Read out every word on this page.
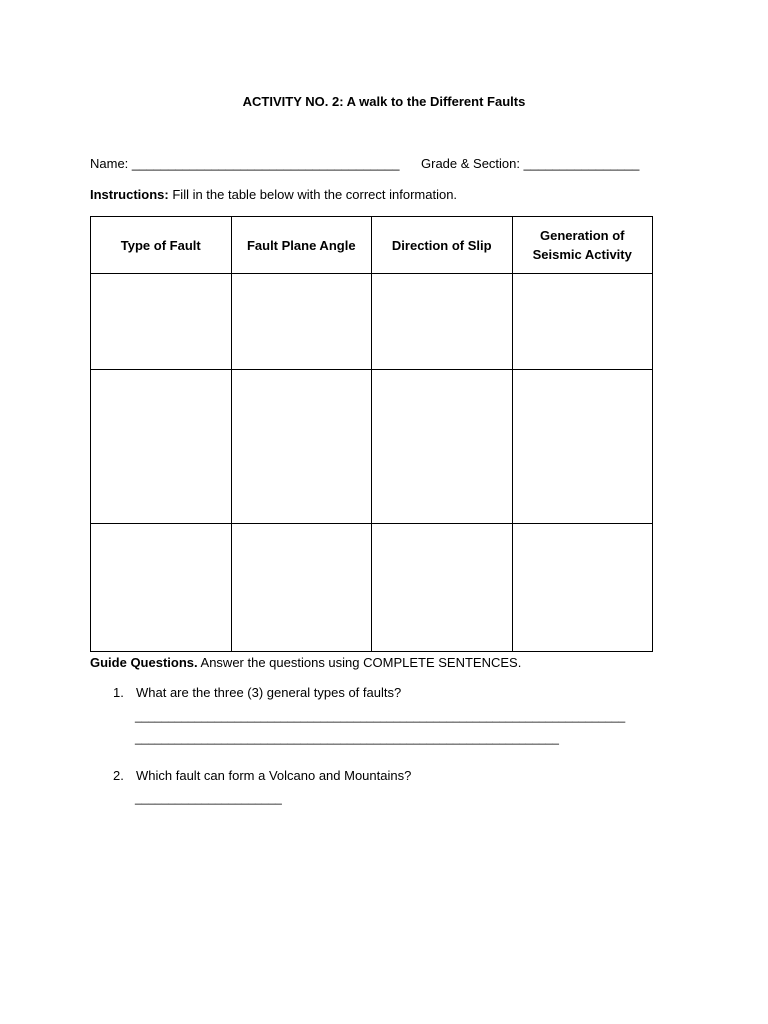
ACTIVITY NO. 2: A walk to the Different Faults
Name: _____________________________________ Grade & Section: ________________
Instructions: Fill in the table below with the correct information.
Type of Fault	Fault Plane Angle	Direction of Slip	Generation of Seismic Activity

Guide Questions. Answer the questions using COMPLETE SENTENCES.
1. What are the three (3) general types of faults?
__________________________________________________________________________
________________________________________________________________
2. Which fault can form a Volcano and Mountains?
______________________
